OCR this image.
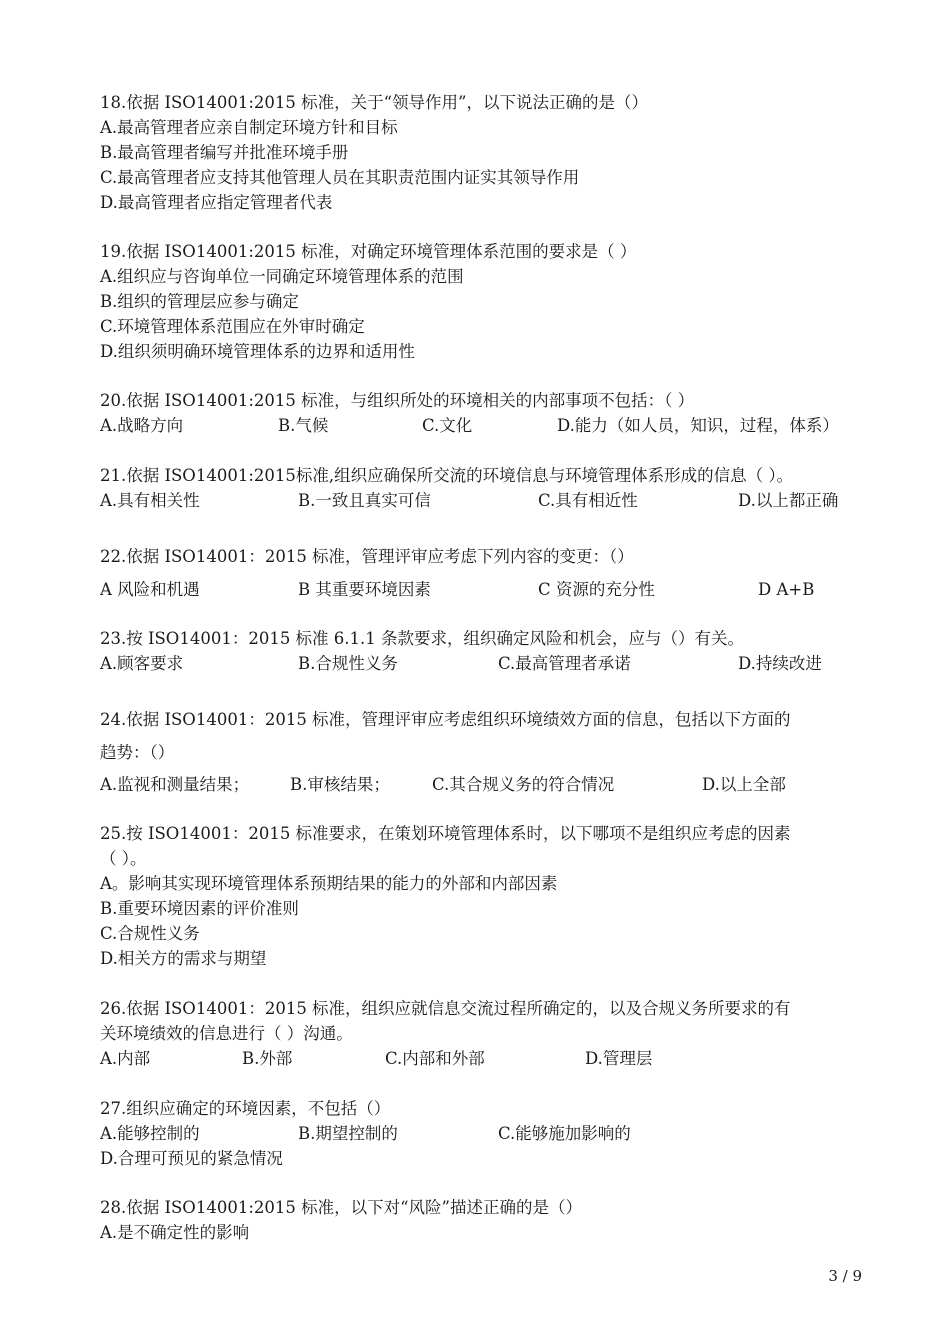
18.依据 ISO14001:2015 标准，关于“领导作用”，以下说法正确的是（）
A.最高管理者应亲自制定环境方针和目标
B.最高管理者编写并批准环境手册
C.最高管理者应支持其他管理人员在其职责范围内证实其领导作用
D.最高管理者应指定管理者代表
19.依据 ISO14001:2015 标准，对确定环境管理体系范围的要求是（ ）
A.组织应与咨询单位一同确定环境管理体系的范围
B.组织的管理层应参与确定
C.环境管理体系范围应在外审时确定
D.组织须明确环境管理体系的边界和适用性
20.依据 ISO14001:2015 标准，与组织所处的环境相关的内部事项不包括：（ ）
A.战略方向	B.气候	C.文化	D.能力（如人员，知识，过程，体系）
21.依据 ISO14001:2015标准,组织应确保所交流的环境信息与环境管理体系形成的信息（ ）。
A.具有相关性	B.一致且真实可信	C.具有相近性	D.以上都正确
22.依据 ISO14001：2015 标准，管理评审应考虑下列内容的变更：（）
A 风险和机遇	B 其重要环境因素	C 资源的充分性	D A+B
23.按 ISO14001：2015 标准 6.1.1 条款要求，组织确定风险和机会，应与（）有关。
A.顾客要求	B.合规性义务	C.最高管理者承诺	D.持续改进
24.依据 ISO14001：2015 标准，管理评审应考虑组织环境绩效方面的信息，包括以下方面的
趋势：（）
A.监视和测量结果； B.审核结果；	C.其合规义务的符合情况	D.以上全部
25.按 ISO14001：2015 标准要求，在策划环境管理体系时，以下哪项不是组织应考虑的因素
（ ）。
A。影响其实现环境管理体系预期结果的能力的外部和内部因素
B.重要环境因素的评价准则
C.合规性义务
D.相关方的需求与期望
26.依据 ISO14001：2015 标准，组织应就信息交流过程所确定的，以及合规义务所要求的有
关环境绩效的信息进行（ ）沟通。
A.内部	B.外部	C.内部和外部	D.管理层
27.组织应确定的环境因素，不包括（）
A.能够控制的	B.期望控制的	C.能够施加影响的
D.合理可预见的紧急情况
28.依据 ISO14001:2015 标准，以下对“风险”描述正确的是（）
A.是不确定性的影响
3 / 9
